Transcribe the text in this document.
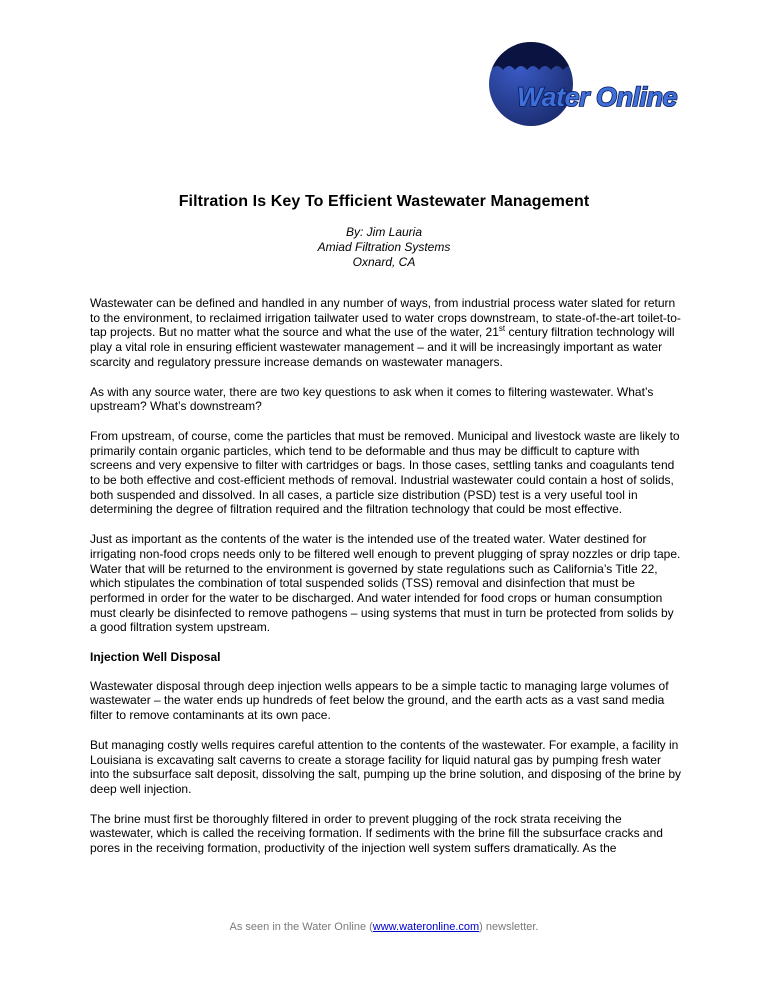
Water Online
Filtration Is Key To Efficient Wastewater Management
By: Jim Lauria
Amiad Filtration Systems
Oxnard, CA

Wastewater can be defined and handled in any number of ways, from industrial process water slated for return to the environment, to reclaimed irrigation tailwater used to water crops downstream, to state-of-the-art toilet-to-tap projects. But no matter what the source and what the use of the water, 21st century filtration technology will play a vital role in ensuring efficient wastewater management – and it will be increasingly important as water scarcity and regulatory pressure increase demands on wastewater managers.

As with any source water, there are two key questions to ask when it comes to filtering wastewater. What’s upstream? What’s downstream?

From upstream, of course, come the particles that must be removed. Municipal and livestock waste are likely to primarily contain organic particles, which tend to be deformable and thus may be difficult to capture with screens and very expensive to filter with cartridges or bags. In those cases, settling tanks and coagulants tend to be both effective and cost-efficient methods of removal. Industrial wastewater could contain a host of solids, both suspended and dissolved. In all cases, a particle size distribution (PSD) test is a very useful tool in determining the degree of filtration required and the filtration technology that could be most effective.

Just as important as the contents of the water is the intended use of the treated water. Water destined for irrigating non-food crops needs only to be filtered well enough to prevent plugging of spray nozzles or drip tape. Water that will be returned to the environment is governed by state regulations such as California’s Title 22, which stipulates the combination of total suspended solids (TSS) removal and disinfection that must be performed in order for the water to be discharged. And water intended for food crops or human consumption must clearly be disinfected to remove pathogens – using systems that must in turn be protected from solids by a good filtration system upstream.

Injection Well Disposal

Wastewater disposal through deep injection wells appears to be a simple tactic to managing large volumes of wastewater – the water ends up hundreds of feet below the ground, and the earth acts as a vast sand media filter to remove contaminants at its own pace.

But managing costly wells requires careful attention to the contents of the wastewater. For example, a facility in Louisiana is excavating salt caverns to create a storage facility for liquid natural gas by pumping fresh water into the subsurface salt deposit, dissolving the salt, pumping up the brine solution, and disposing of the brine by deep well injection.

The brine must first be thoroughly filtered in order to prevent plugging of the rock strata receiving the wastewater, which is called the receiving formation. If sediments with the brine fill the subsurface cracks and pores in the receiving formation, productivity of the injection well system suffers dramatically. As the

As seen in the Water Online (www.wateronline.com) newsletter.
